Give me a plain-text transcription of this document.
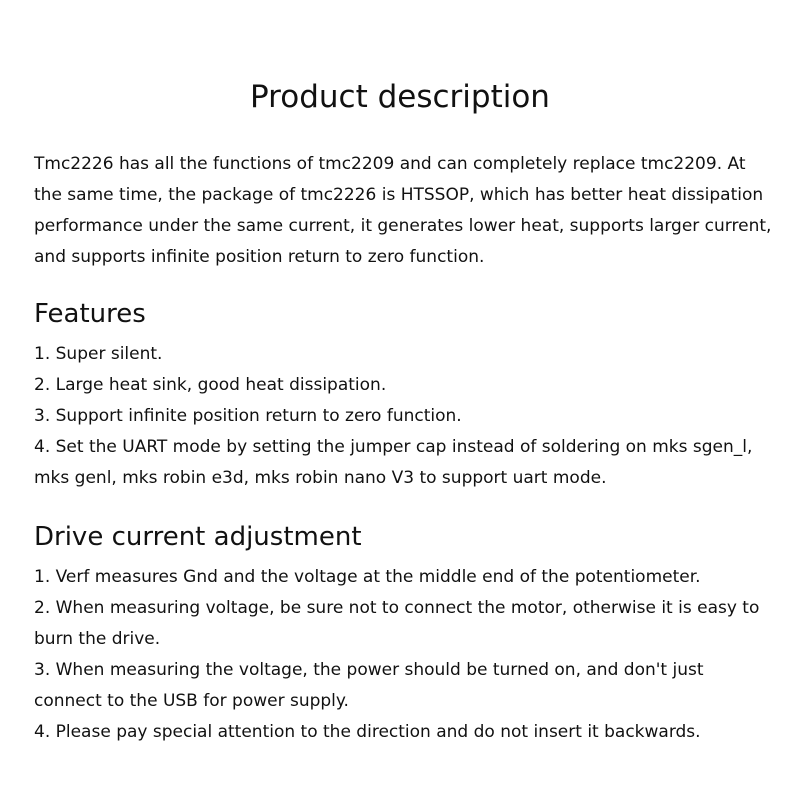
Product description

Tmc2226 has all the functions of tmc2209 and can completely replace tmc2209. At the same time, the package of tmc2226 is HTSSOP, which has better heat dissipation performance under the same current, it generates lower heat, supports larger current, and supports infinite position return to zero function.

Features
1. Super silent.
2. Large heat sink, good heat dissipation.
3. Support infinite position return to zero function.
4. Set the UART mode by setting the jumper cap instead of soldering on mks sgen_l, mks genl, mks robin e3d, mks robin nano V3 to support uart mode.
Drive current adjustment
1. Verf measures Gnd and the voltage at the middle end of the potentiometer.
2. When measuring voltage, be sure not to connect the motor, otherwise it is easy to burn the drive.
3. When measuring the voltage, the power should be turned on, and don't just connect to the USB for power supply.
4. Please pay special attention to the direction and do not insert it backwards.
